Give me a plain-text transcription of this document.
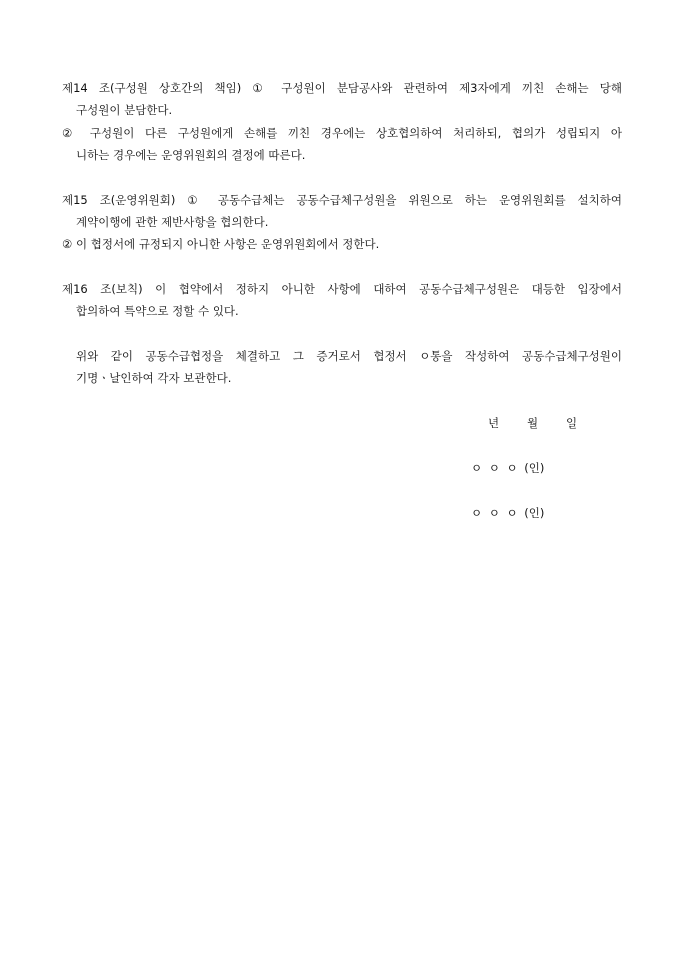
제14 조(구성원 상호간의 책임) ① 구성원이 분담공사와 관련하여 제3자에게 끼친 손해는 당해
구성원이 분담한다.
② 구성원이 다른 구성원에게 손해를 끼친 경우에는 상호협의하여 처리하되, 협의가 성립되지 아
니하는 경우에는 운영위원회의 결정에 따른다.
제15 조(운영위원회) ① 공동수급체는 공동수급체구성원을 위원으로 하는 운영위원회를 설치하여
계약이행에 관한 제반사항을 협의한다.
② 이 협정서에 규정되지 아니한 사항은 운영위원회에서 정한다.
제16 조(보칙) 이 협약에서 정하지 아니한 사항에 대하여 공동수급체구성원은 대등한 입장에서
합의하여 특약으로 정할 수 있다.
위와 같이 공동수급협정을 체결하고 그 증거로서 협정서 ㅇ통을 작성하여 공동수급체구성원이
기명ㆍ날인하여 각자 보관한다.
년 월 일
ㅇ ㅇ ㅇ (인)
ㅇ ㅇ ㅇ (인)
